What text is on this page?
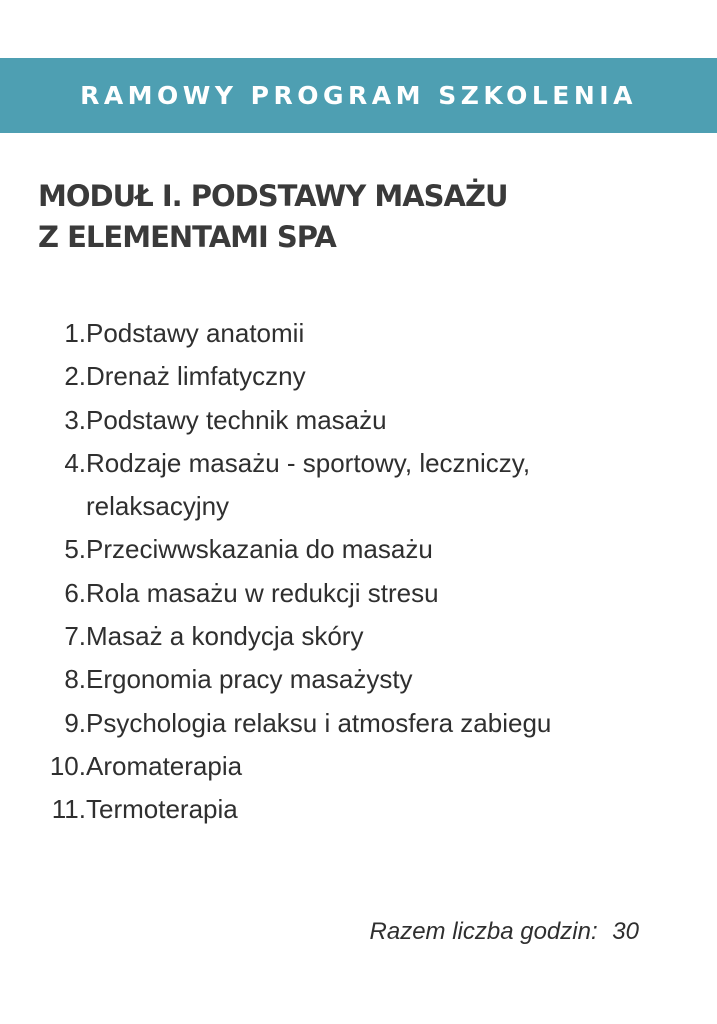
RAMOWY PROGRAM SZKOLENIA
MODUŁ I. PODSTAWY MASAŻU
Z ELEMENTAMI SPA
1. Podstawy anatomii
2. Drenaż limfatyczny
3. Podstawy technik masażu
4. Rodzaje masażu - sportowy, leczniczy, relaksacyjny
5. Przeciwwskazania do masażu
6. Rola masażu w redukcji stresu
7. Masaż a kondycja skóry
8. Ergonomia pracy masażysty
9. Psychologia relaksu i atmosfera zabiegu
10. Aromaterapia
11. Termoterapia
Razem liczba godzin: 30
